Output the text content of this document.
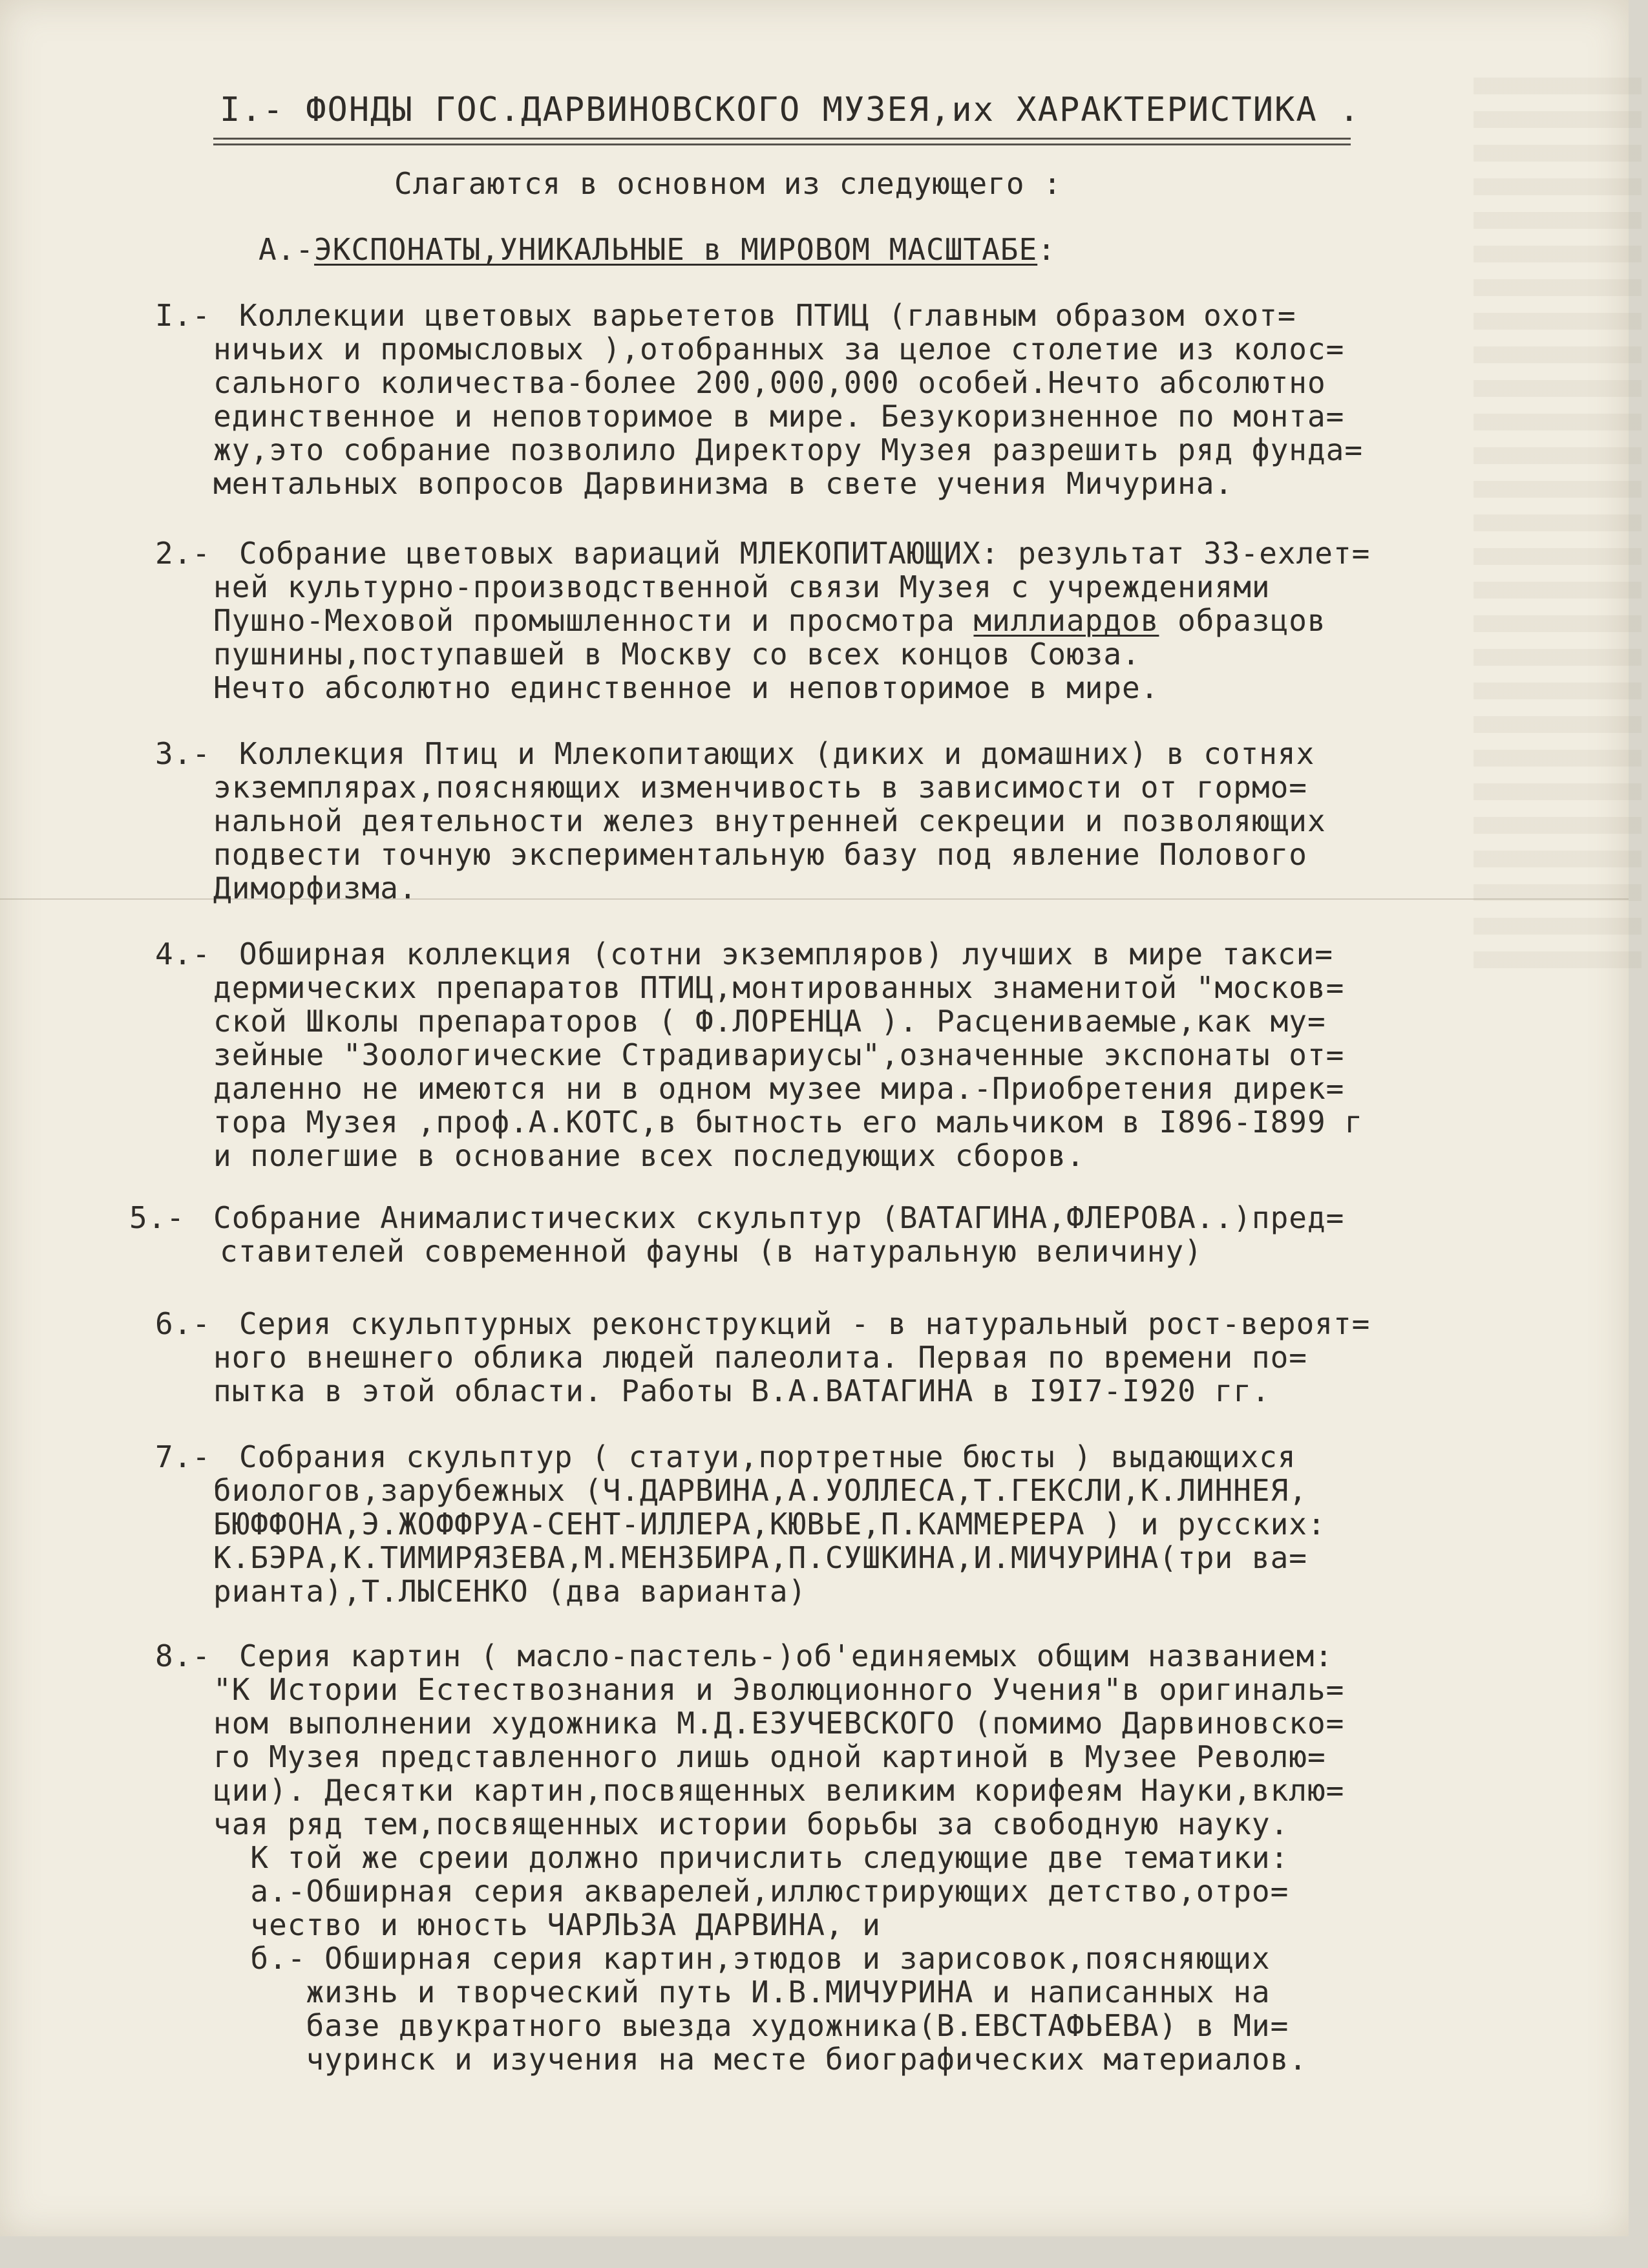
I.- ФОНДЫ ГОС.ДАРВИНОВСКОГО МУЗЕЯ,их ХАРАКТЕРИСТИКА .
Слагаются в основном из следующего :
А.-ЭКСПОНАТЫ,УНИКАЛЬНЫЕ в МИРОВОМ МАСШТАБЕ:
I.- Коллекции цветовых варьететов ПТИЦ (главным образом охот=
ничьих и промысловых ),отобранных за целое столетие из колос=
сального количества-более 200,000,000 особей.Нечто абсолютно
единственное и неповторимое в мире. Безукоризненное по монта=
жу,это собрание позволило Директору Музея разрешить ряд фунда=
ментальных вопросов Дарвинизма в свете учения Мичурина.
2.- Собрание цветовых вариаций МЛЕКОПИТАЮЩИХ: результат 33-ехлет=
ней культурно-производственной связи Музея с учреждениями
Пушно-Меховой промышленности и просмотра миллиардов образцов
пушнины,поступавшей в Москву со всех концов Союза.
Нечто абсолютно единственное и неповторимое в мире.
3.- Коллекция Птиц и Млекопитающих (диких и домашних) в сотнях
экземплярах,поясняющих изменчивость в зависимости от гормо=
нальной деятельности желез внутренней секреции и позволяющих
подвести точную экспериментальную базу под явление Полового
Диморфизма.
4.- Обширная коллекция (сотни экземпляров) лучших в мире такси=
дермических препаратов ПТИЦ,монтированных знаменитой "москов=
ской Школы препараторов ( Ф.ЛОРЕНЦА ). Расцениваемые,как му=
зейные "Зоологические Страдивариусы",означенные экспонаты от=
даленно не имеются ни в одном музее мира.-Приобретения дирек=
тора Музея ,проф.А.КОТС,в бытность его мальчиком в I896-I899 г
и полегшие в основание всех последующих сборов.
5.- Собрание Анималистических скульптур (ВАТАГИНА,ФЛЕРОВА..)пред=
ставителей современной фауны (в натуральную величину)
6.- Серия скульптурных реконструкций - в натуральный рост-вероят=
ного внешнего облика людей палеолита. Первая по времени по=
пытка в этой области. Работы В.А.ВАТАГИНА в I9I7-I920 гг.
7.- Собрания скульптур ( статуи,портретные бюсты ) выдающихся
биологов,зарубежных (Ч.ДАРВИНА,А.УОЛЛЕСА,Т.ГЕКСЛИ,К.ЛИННЕЯ,
БЮФФОНА,Э.ЖОФФРУА-СЕНТ-ИЛЛЕРА,КЮВЬЕ,П.КАММЕРЕРА ) и русских:
К.БЭРА,К.ТИМИРЯЗЕВА,М.МЕНЗБИРА,П.СУШКИНА,И.МИЧУРИНА(три ва=
рианта),Т.ЛЫСЕНКО (два варианта)
8.- Серия картин ( масло-пастель-)об'единяемых общим названием:
"К Истории Естествознания и Эволюционного Учения"в оригиналь=
ном выполнении художника М.Д.ЕЗУЧЕВСКОГО (помимо Дарвиновско=
го Музея представленного лишь одной картиной в Музее Револю=
ции). Десятки картин,посвященных великим корифеям Науки,вклю=
чая ряд тем,посвященных истории борьбы за свободную науку.
К той же среии должно причислить следующие две тематики:
а.-Обширная серия акварелей,иллюстрирующих детство,отро=
чество и юность ЧАРЛЬЗА ДАРВИНА, и
б.- Обширная серия картин,этюдов и зарисовок,поясняющих
жизнь и творческий путь И.В.МИЧУРИНА и написанных на
базе двукратного выезда художника(В.ЕВСТАФЬЕВА) в Ми=
чуринск и изучения на месте биографических материалов.
